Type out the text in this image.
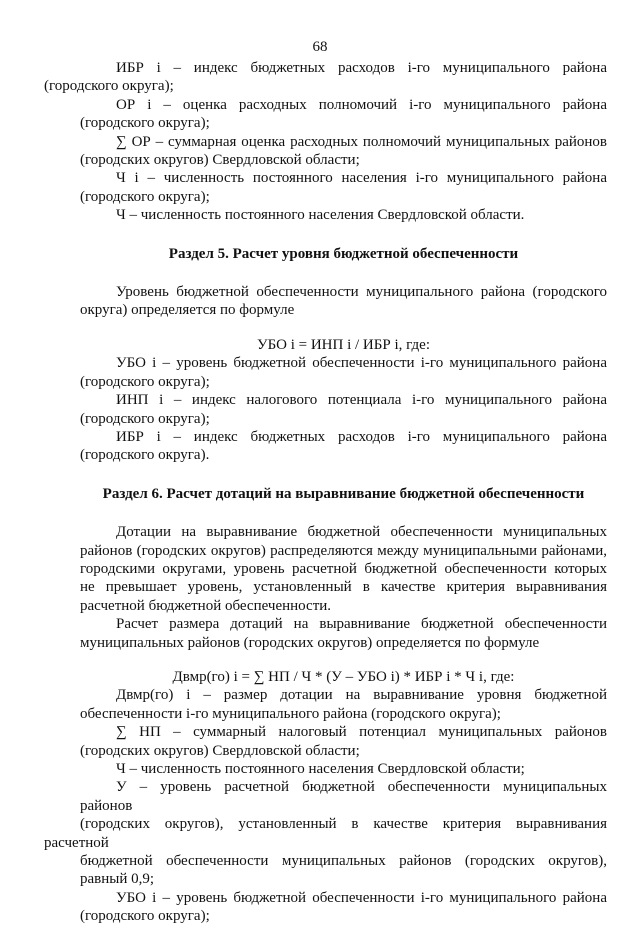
68

ИБР i – индекс бюджетных расходов i-го муниципального района
(городского округа);

ОР i – оценка расходных полномочий i-го муниципального района
(городского округа);

∑ ОР – суммарная оценка расходных полномочий муниципальных районов
(городских округов) Свердловской области;

Ч i – численность постоянного населения i-го муниципального района
(городского округа);

Ч – численность постоянного населения Свердловской области.

Раздел 5. Расчет уровня бюджетной обеспеченности

Уровень бюджетной обеспеченности муниципального района (городского
округа) определяется по формуле

УБО i = ИНП i / ИБР i, где:

УБО i – уровень бюджетной обеспеченности i-го муниципального района
(городского округа);

ИНП i – индекс налогового потенциала i-го муниципального района
(городского округа);

ИБР i – индекс бюджетных расходов i-го муниципального района
(городского округа).

Раздел 6. Расчет дотаций на выравнивание бюджетной обеспеченности

Дотации на выравнивание бюджетной обеспеченности муниципальных
районов (городских округов) распределяются между муниципальными районами,
городскими округами, уровень расчетной бюджетной обеспеченности которых
не превышает уровень, установленный в качестве критерия выравнивания
расчетной бюджетной обеспеченности.

Расчет размера дотаций на выравнивание бюджетной обеспеченности
муниципальных районов (городских округов) определяется по формуле

Двмр(го) i = ∑ НП / Ч * (У – УБО i) * ИБР i * Ч i, где:

Двмр(го) i – размер дотации на выравнивание уровня бюджетной
обеспеченности i-го муниципального района (городского округа);

∑ НП – суммарный налоговый потенциал муниципальных районов
(городских округов) Свердловской области;

Ч – численность постоянного населения Свердловской области;

У – уровень расчетной бюджетной обеспеченности муниципальных районов
(городских округов), установленный в качестве критерия выравнивания расчетной
бюджетной обеспеченности муниципальных районов (городских округов),
равный 0,9;

УБО i – уровень бюджетной обеспеченности i-го муниципального района
(городского округа);
